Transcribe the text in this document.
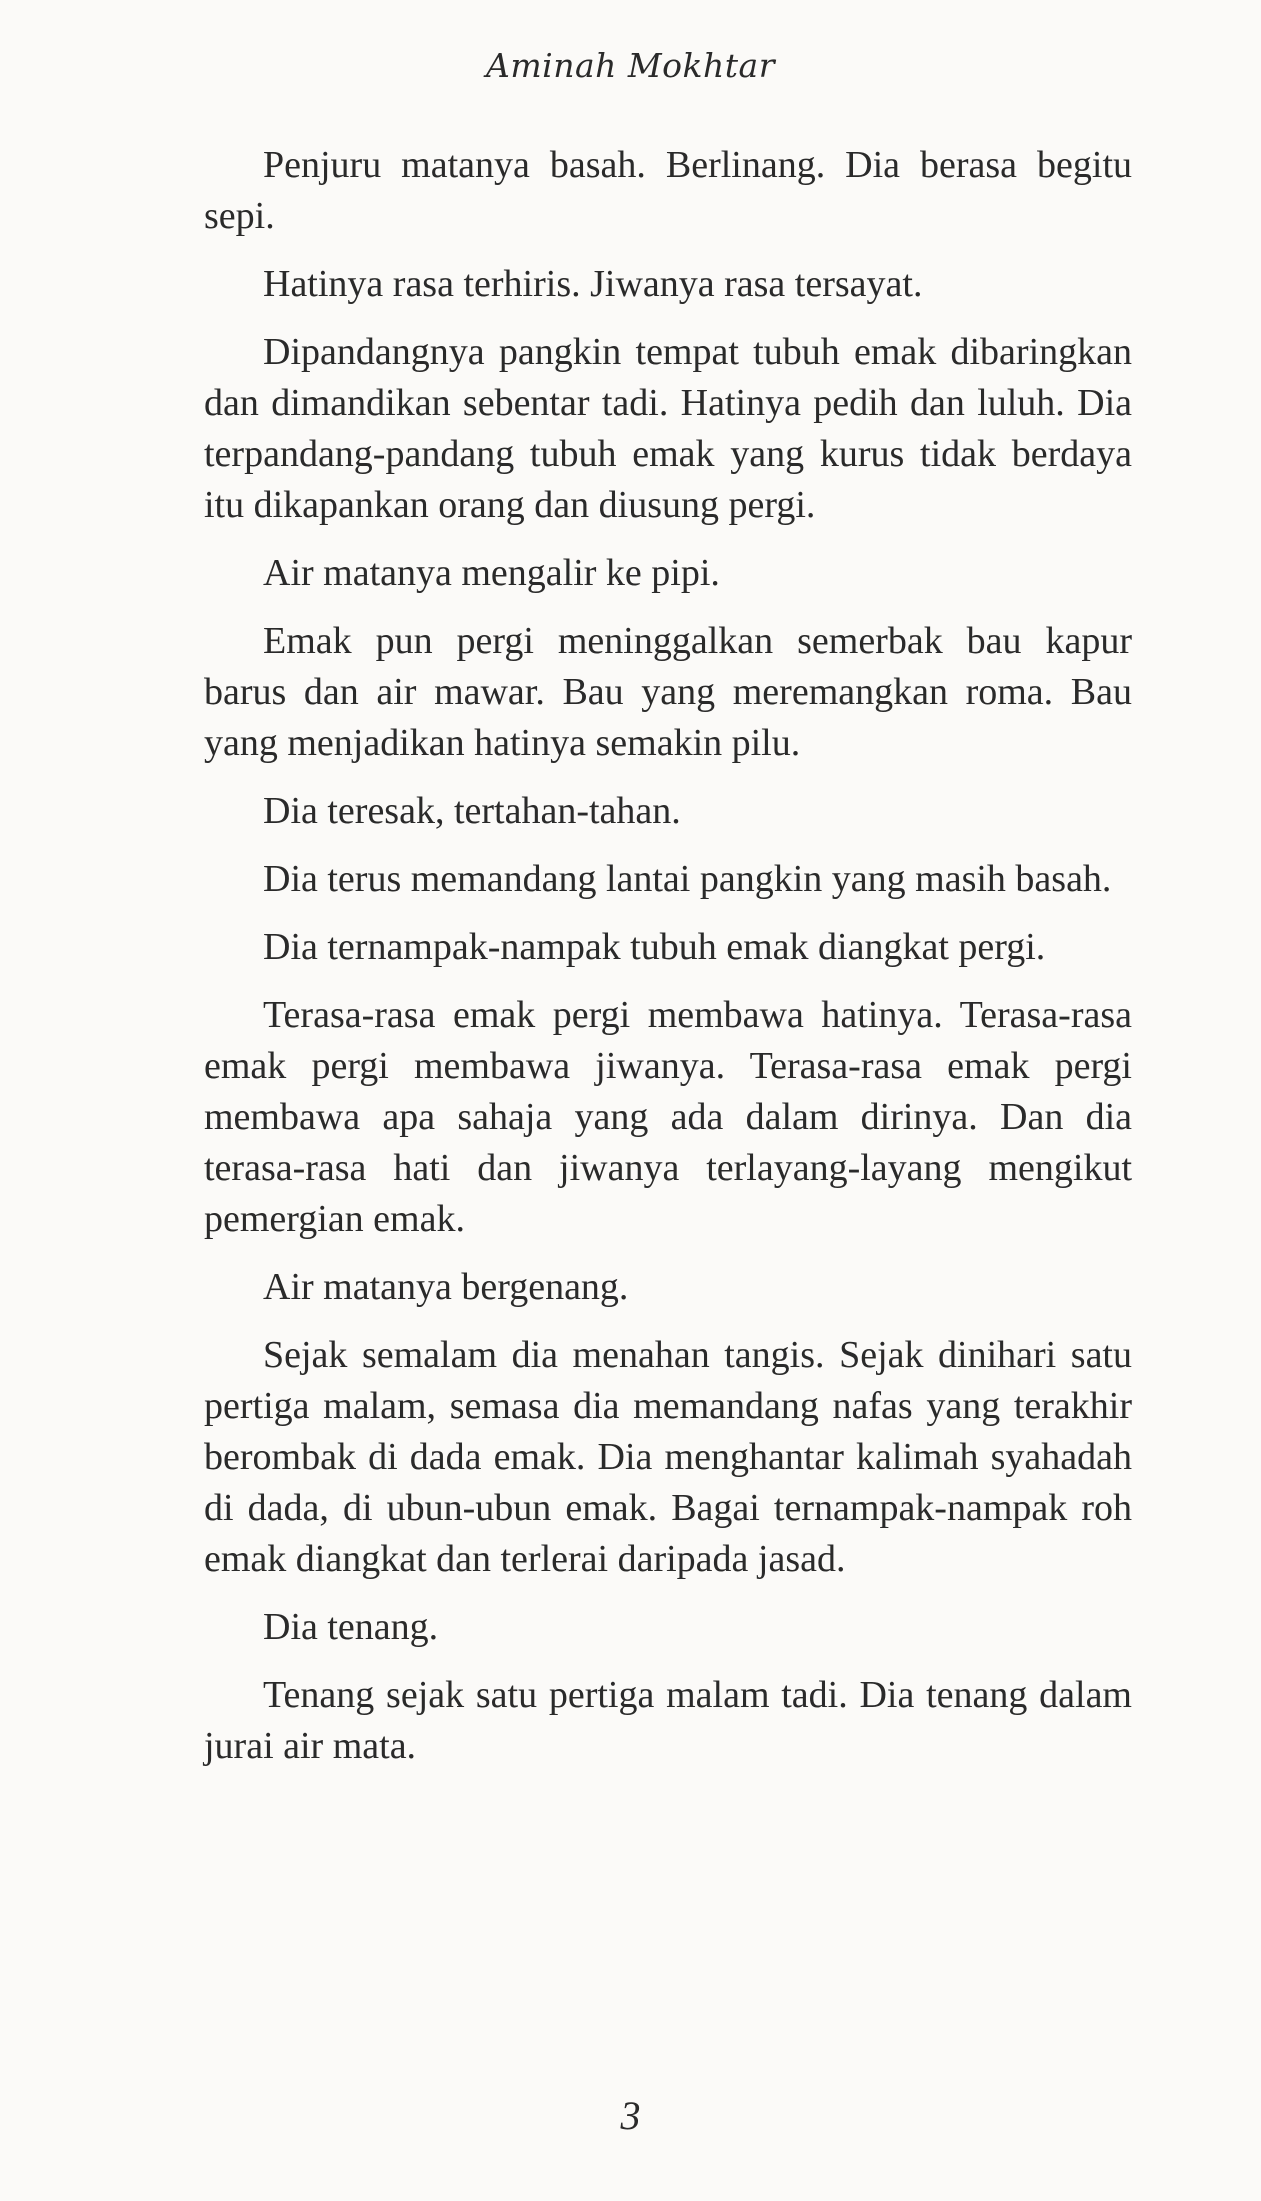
Aminah Mokhtar

Penjuru matanya basah. Berlinang. Dia berasa begitu sepi.

Hatinya rasa terhiris. Jiwanya rasa tersayat.

Dipandangnya pangkin tempat tubuh emak dibaringkan dan dimandikan sebentar tadi. Hatinya pedih dan luluh. Dia terpandang-pandang tubuh emak yang kurus tidak berdaya itu dikapankan orang dan diusung pergi.

Air matanya mengalir ke pipi.

Emak pun pergi meninggalkan semerbak bau kapur barus dan air mawar. Bau yang meremangkan roma. Bau yang menjadikan hatinya semakin pilu.

Dia teresak, tertahan-tahan.

Dia terus memandang lantai pangkin yang masih basah.

Dia ternampak-nampak tubuh emak diangkat pergi.

Terasa-rasa emak pergi membawa hatinya. Terasa-rasa emak pergi membawa jiwanya. Terasa-rasa emak pergi membawa apa sahaja yang ada dalam dirinya. Dan dia terasa-rasa hati dan jiwanya terlayang-layang mengikut pemergian emak.

Air matanya bergenang.

Sejak semalam dia menahan tangis. Sejak dinihari satu pertiga malam, semasa dia memandang nafas yang terakhir berombak di dada emak. Dia menghantar kalimah syahadah di dada, di ubun-ubun emak. Bagai ternampak-nampak roh emak diangkat dan terlerai daripada jasad.

Dia tenang.

Tenang sejak satu pertiga malam tadi. Dia tenang dalam jurai air mata.

3
